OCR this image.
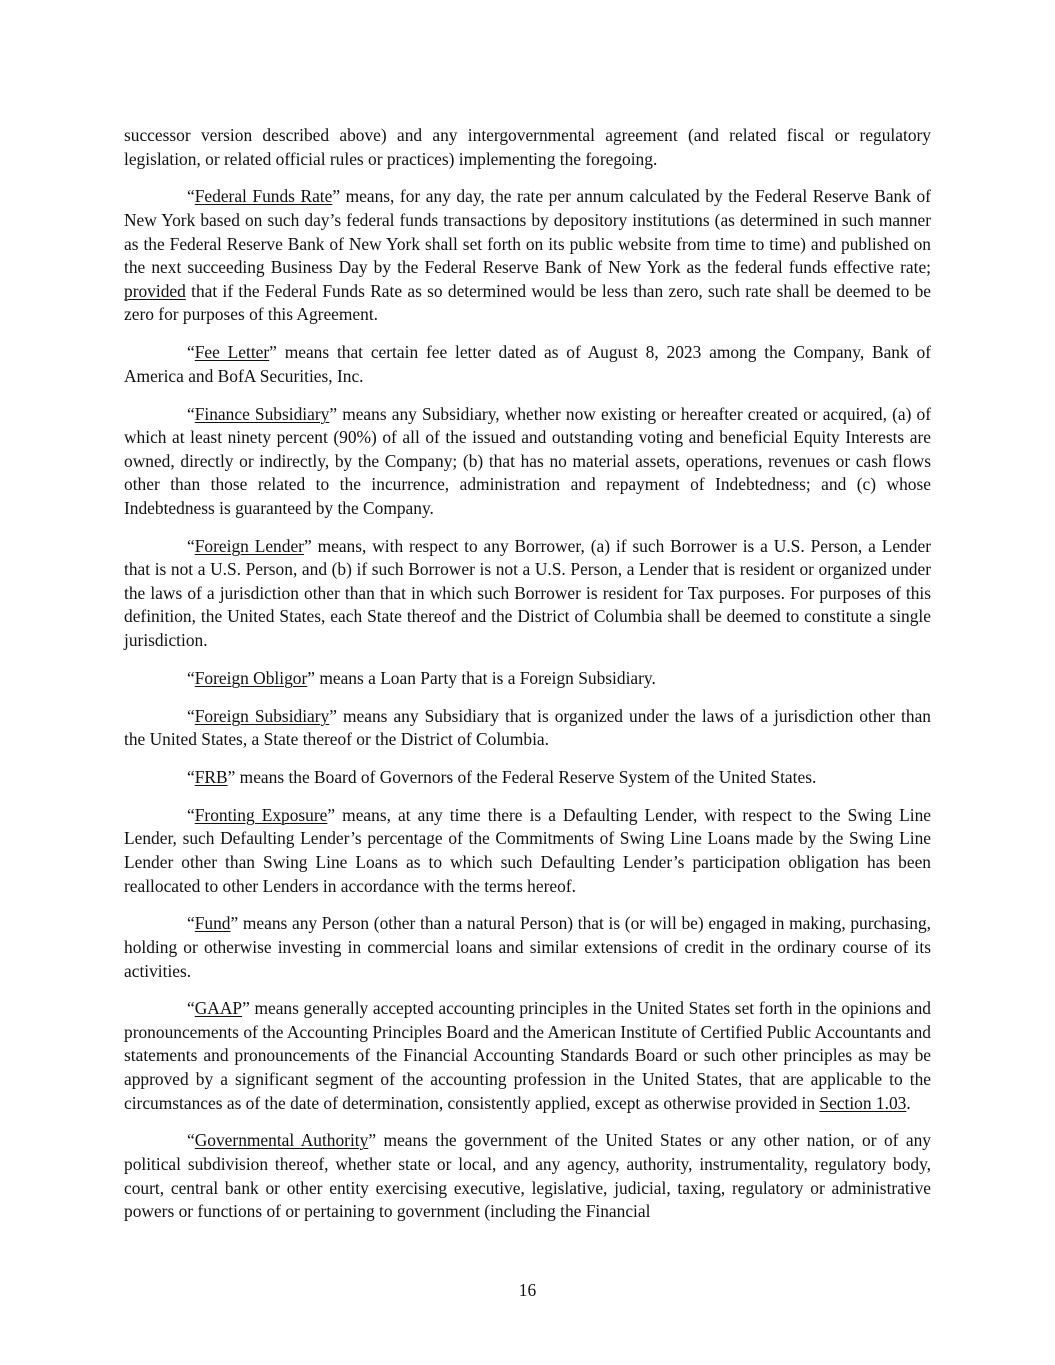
successor version described above) and any intergovernmental agreement (and related fiscal or regulatory legislation, or related official rules or practices) implementing the foregoing.

“Federal Funds Rate” means, for any day, the rate per annum calculated by the Federal Reserve Bank of New York based on such day’s federal funds transactions by depository institutions (as determined in such manner as the Federal Reserve Bank of New York shall set forth on its public website from time to time) and published on the next succeeding Business Day by the Federal Reserve Bank of New York as the federal funds effective rate; provided that if the Federal Funds Rate as so determined would be less than zero, such rate shall be deemed to be zero for purposes of this Agreement.

“Fee Letter” means that certain fee letter dated as of August 8, 2023 among the Company, Bank of America and BofA Securities, Inc.

“Finance Subsidiary” means any Subsidiary, whether now existing or hereafter created or acquired, (a) of which at least ninety percent (90%) of all of the issued and outstanding voting and beneficial Equity Interests are owned, directly or indirectly, by the Company; (b) that has no material assets, operations, revenues or cash flows other than those related to the incurrence, administration and repayment of Indebtedness; and (c) whose Indebtedness is guaranteed by the Company.

“Foreign Lender” means, with respect to any Borrower, (a) if such Borrower is a U.S. Person, a Lender that is not a U.S. Person, and (b) if such Borrower is not a U.S. Person, a Lender that is resident or organized under the laws of a jurisdiction other than that in which such Borrower is resident for Tax purposes. For purposes of this definition, the United States, each State thereof and the District of Columbia shall be deemed to constitute a single jurisdiction.

“Foreign Obligor” means a Loan Party that is a Foreign Subsidiary.

“Foreign Subsidiary” means any Subsidiary that is organized under the laws of a jurisdiction other than the United States, a State thereof or the District of Columbia.

“FRB” means the Board of Governors of the Federal Reserve System of the United States.

“Fronting Exposure” means, at any time there is a Defaulting Lender, with respect to the Swing Line Lender, such Defaulting Lender’s percentage of the Commitments of Swing Line Loans made by the Swing Line Lender other than Swing Line Loans as to which such Defaulting Lender’s participation obligation has been reallocated to other Lenders in accordance with the terms hereof.

“Fund” means any Person (other than a natural Person) that is (or will be) engaged in making, purchasing, holding or otherwise investing in commercial loans and similar extensions of credit in the ordinary course of its activities.

“GAAP” means generally accepted accounting principles in the United States set forth in the opinions and pronouncements of the Accounting Principles Board and the American Institute of Certified Public Accountants and statements and pronouncements of the Financial Accounting Standards Board or such other principles as may be approved by a significant segment of the accounting profession in the United States, that are applicable to the circumstances as of the date of determination, consistently applied, except as otherwise provided in Section 1.03.

“Governmental Authority” means the government of the United States or any other nation, or of any political subdivision thereof, whether state or local, and any agency, authority, instrumentality, regulatory body, court, central bank or other entity exercising executive, legislative, judicial, taxing, regulatory or administrative powers or functions of or pertaining to government (including the Financial

16
